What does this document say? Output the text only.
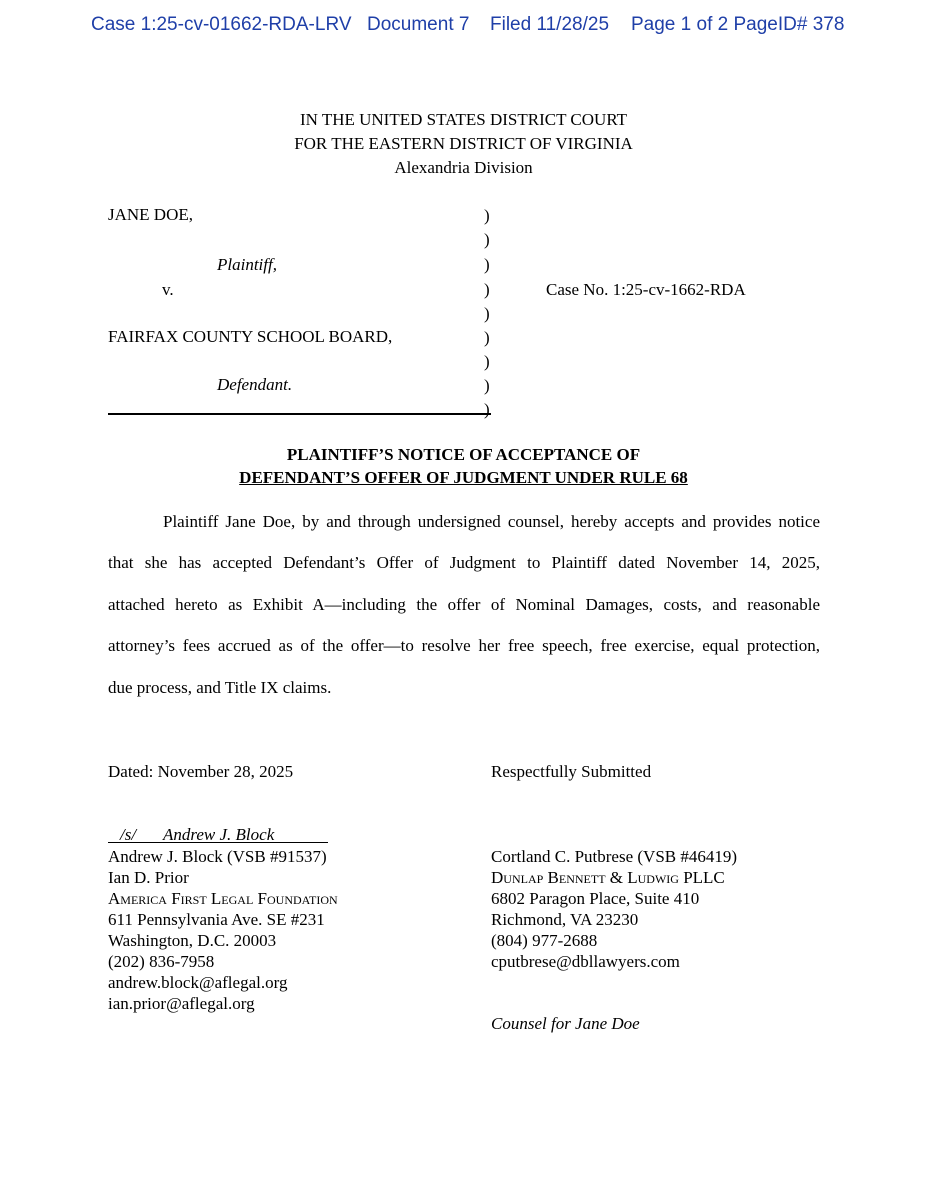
Case 1:25-cv-01662-RDA-LRV Document 7 Filed 11/28/25 Page 1 of 2 PageID# 378
IN THE UNITED STATES DISTRICT COURT
FOR THE EASTERN DISTRICT OF VIRGINIA
Alexandria Division
JANE DOE,
Plaintiff,
v.
FAIRFAX COUNTY SCHOOL BOARD,
Defendant.
)
)
)
)
)
)
)
)
)
Case No. 1:25-cv-1662-RDA
PLAINTIFF’S NOTICE OF ACCEPTANCE OF
DEFENDANT’S OFFER OF JUDGMENT UNDER RULE 68
Plaintiff Jane Doe, by and through undersigned counsel, hereby accepts and provides notice
that she has accepted Defendant’s Offer of Judgment to Plaintiff dated November 14, 2025,
attached hereto as Exhibit A—including the offer of Nominal Damages, costs, and reasonable
attorney’s fees accrued as of the offer—to resolve her free speech, free exercise, equal protection,
due process, and Title IX claims.
Dated: November 28, 2025	Respectfully Submitted
/s/ Andrew J. Block
Andrew J. Block (VSB #91537)
Ian D. Prior
America First Legal Foundation
611 Pennsylvania Ave. SE #231
Washington, D.C. 20003
(202) 836-7958
andrew.block@aflegal.org
ian.prior@aflegal.org
Cortland C. Putbrese (VSB #46419)
Dunlap Bennett & Ludwig PLLC
6802 Paragon Place, Suite 410
Richmond, VA 23230
(804) 977-2688
cputbrese@dbllawyers.com
Counsel for Jane Doe
